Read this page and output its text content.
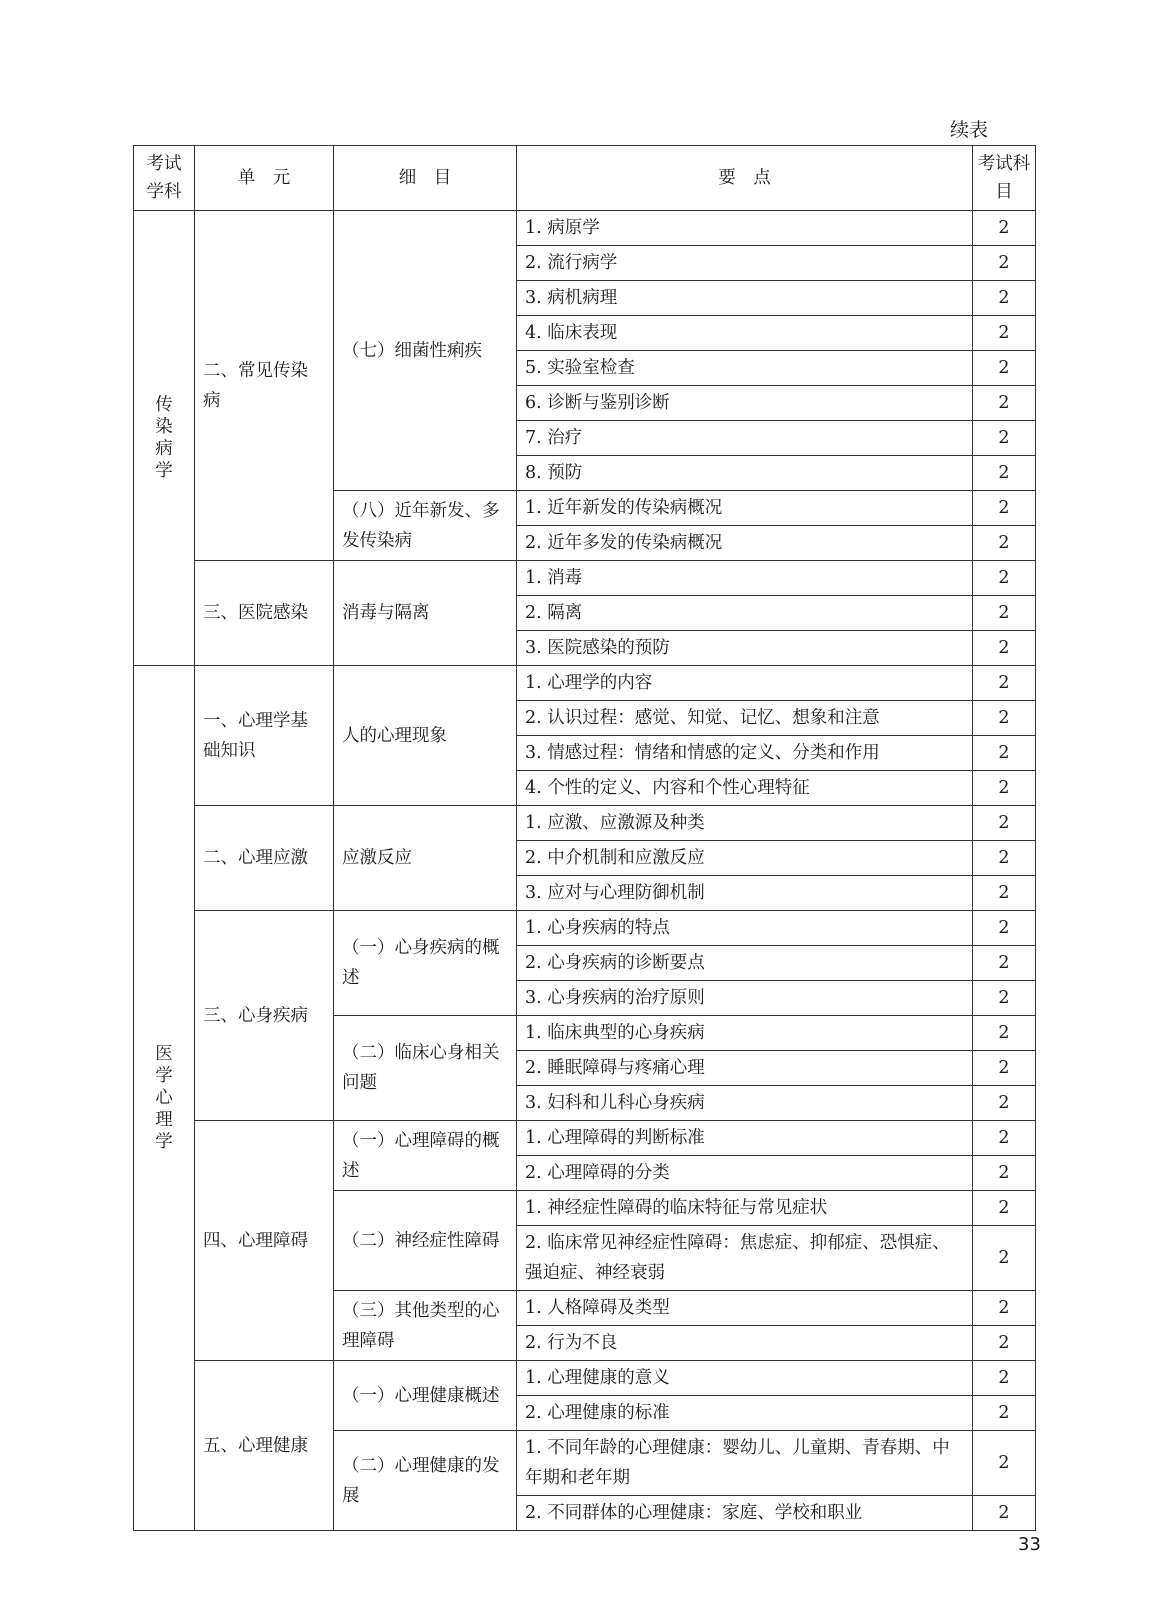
续表
考试学科	单　元	细　目	要　点	考试科目
传染病学	二、常见传染病	（七）细菌性痢疾	1. 病原学	2
			2. 流行病学	2
			3. 病机病理	2
			4. 临床表现	2
			5. 实验室检查	2
			6. 诊断与鉴别诊断	2
			7. 治疗	2
			8. 预防	2
		（八）近年新发、多发传染病	1. 近年新发的传染病概况	2
			2. 近年多发的传染病概况	2
	三、医院感染	消毒与隔离	1. 消毒	2
			2. 隔离	2
			3. 医院感染的预防	2
医学心理学	一、心理学基础知识	人的心理现象	1. 心理学的内容	2
			2. 认识过程：感觉、知觉、记忆、想象和注意	2
			3. 情感过程：情绪和情感的定义、分类和作用	2
			4. 个性的定义、内容和个性心理特征	2
	二、心理应激	应激反应	1. 应激、应激源及种类	2
			2. 中介机制和应激反应	2
			3. 应对与心理防御机制	2
	三、心身疾病	（一）心身疾病的概述	1. 心身疾病的特点	2
			2. 心身疾病的诊断要点	2
			3. 心身疾病的治疗原则	2
		（二）临床心身相关问题	1. 临床典型的心身疾病	2
			2. 睡眠障碍与疼痛心理	2
			3. 妇科和儿科心身疾病	2
	四、心理障碍	（一）心理障碍的概述	1. 心理障碍的判断标准	2
			2. 心理障碍的分类	2
		（二）神经症性障碍	1. 神经症性障碍的临床特征与常见症状	2
			2. 临床常见神经症性障碍：焦虑症、抑郁症、恐惧症、强迫症、神经衰弱	2
		（三）其他类型的心理障碍	1. 人格障碍及类型	2
			2. 行为不良	2
	五、心理健康	（一）心理健康概述	1. 心理健康的意义	2
			2. 心理健康的标准	2
		（二）心理健康的发展	1. 不同年龄的心理健康：婴幼儿、儿童期、青春期、中年期和老年期	2
			2. 不同群体的心理健康：家庭、学校和职业	2
33
